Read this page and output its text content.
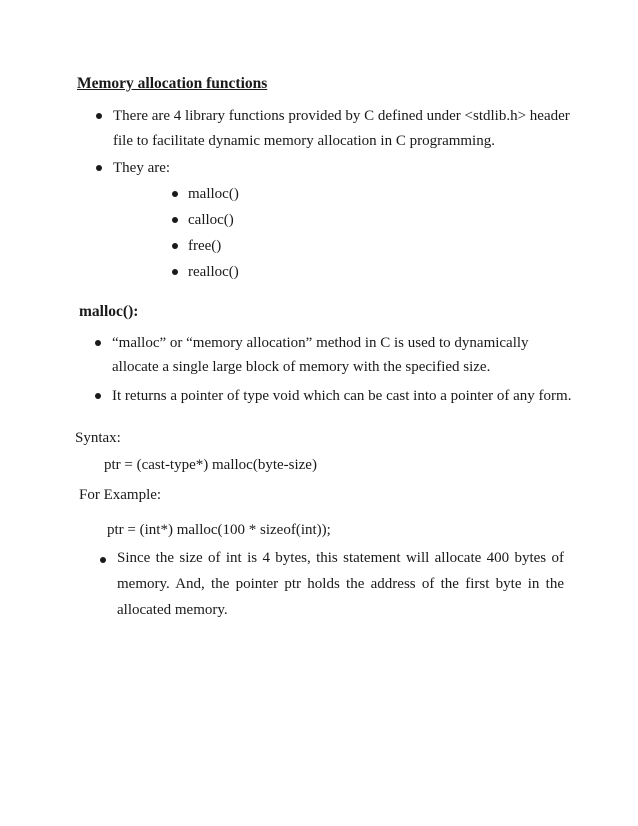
Memory allocation functions
There are 4 library functions provided by C defined under <stdlib.h> header
file to facilitate dynamic memory allocation in C programming.
They are:
malloc()
calloc()
free()
realloc()
malloc():
“malloc” or “memory allocation” method in C is used to dynamically
allocate a single large block of memory with the specified size.
It returns a pointer of type void which can be cast into a pointer of any form.
Syntax:
ptr = (cast-type*) malloc(byte-size)
For Example:
ptr = (int*) malloc(100 * sizeof(int));
Since the size of int is 4 bytes, this statement will allocate 400 bytes of
memory. And, the pointer ptr holds the address of the first byte in the
allocated memory.
